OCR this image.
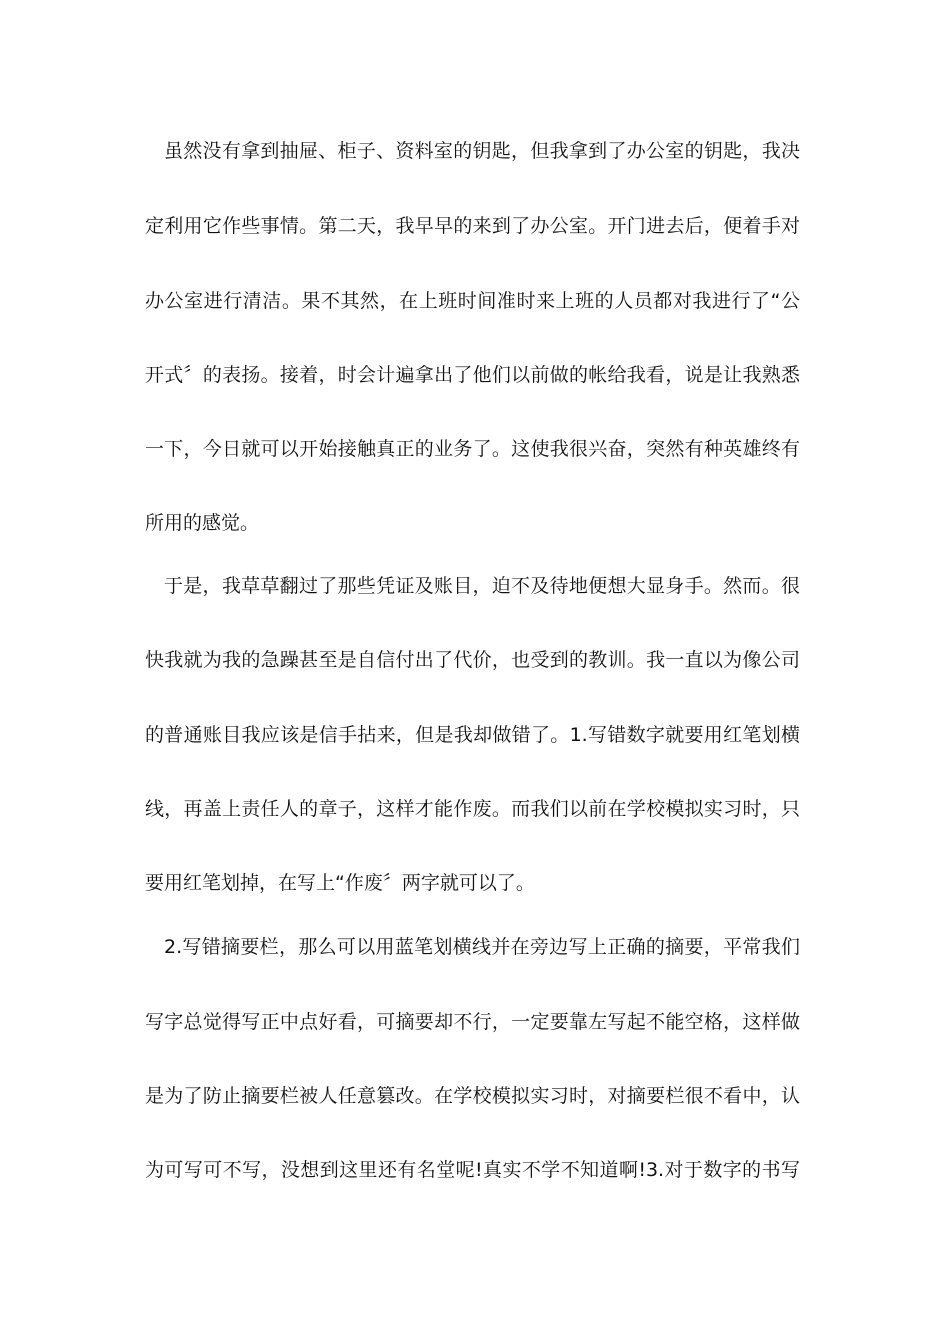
虽然没有拿到抽屉、柜子、资料室的钥匙，但我拿到了办公室的钥匙，我决

定利用它作些事情。第二天，我早早的来到了办公室。开门进去后，便着手对

办公室进行清洁。果不其然，在上班时间准时来上班的人员都对我进行了“公

开式〞的表扬。接着，时会计遍拿出了他们以前做的帐给我看，说是让我熟悉

一下，今日就可以开始接触真正的业务了。这使我很兴奋，突然有种英雄终有

所用的感觉。

于是，我草草翻过了那些凭证及账目，迫不及待地便想大显身手。然而。很

快我就为我的急躁甚至是自信付出了代价，也受到的教训。我一直以为像公司

的普通账目我应该是信手拈来，但是我却做错了。1.写错数字就要用红笔划横

线，再盖上责任人的章子，这样才能作废。而我们以前在学校模拟实习时，只

要用红笔划掉，在写上“作废〞两字就可以了。

2.写错摘要栏，那么可以用蓝笔划横线并在旁边写上正确的摘要，平常我们

写字总觉得写正中点好看，可摘要却不行，一定要靠左写起不能空格，这样做

是为了防止摘要栏被人任意篡改。在学校模拟实习时，对摘要栏很不看中，认

为可写可不写，没想到这里还有名堂呢!真实不学不知道啊!3.对于数字的书写
